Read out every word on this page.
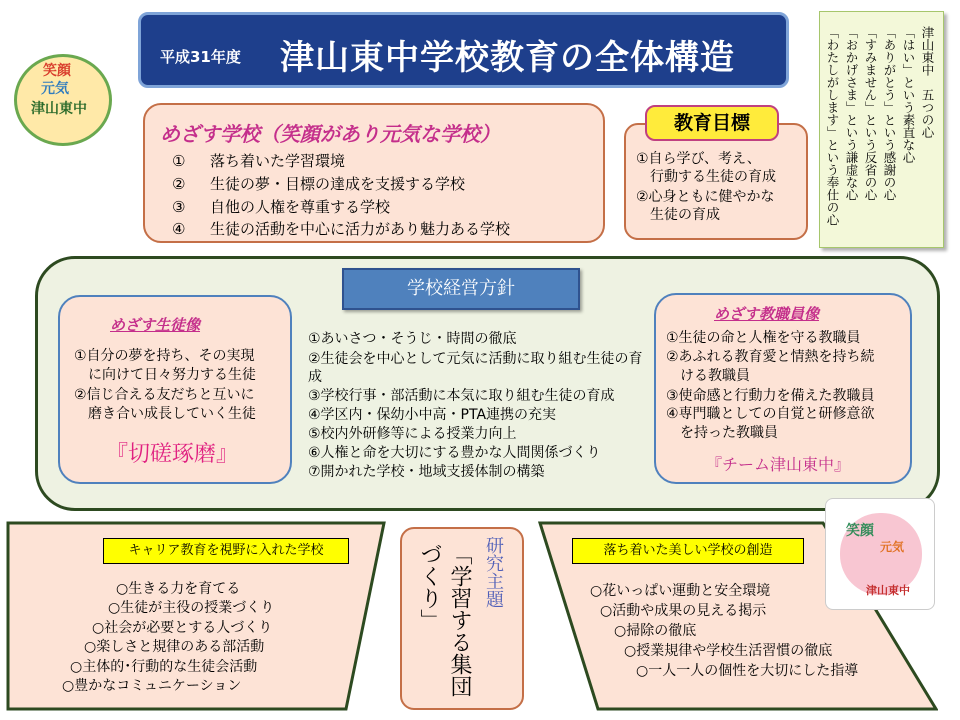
平成31年度 津山東中学校教育の全体構造
笑顔
元気
津山東中	津山東中　五つの心
「はい」という素直な心
「ありがとう」という感謝の心
「すみません」という反省の心
「おかげさま」という謙虚な心
「わたしがします」という奉仕の心
めざす学校（笑顔があり元気な学校）
① 落ち着いた学習環境
② 生徒の夢・目標の達成を支援する学校
③ 自他の人権を尊重する学校
④ 生徒の活動を中心に活力があり魅力ある学校
教育目標
①自ら学び、考え、
　行動する生徒の育成
②心身ともに健やかな
　生徒の育成
学校経営方針
①あいさつ・そうじ・時間の徹底
②生徒会を中心として元気に活動に取り組む生徒の育成
③学校行事・部活動に本気に取り組む生徒の育成
④学区内・保幼小中高・PTA連携の充実
⑤校内外研修等による授業力向上
⑥人権と命を大切にする豊かな人間関係づくり
⑦開かれた学校・地域支援体制の構築
めざす生徒像
①自分の夢を持ち、その実現
　に向けて日々努力する生徒
②信じ合える友だちと互いに
　磨き合い成長していく生徒
『切磋琢磨』
めざす教職員像
①生徒の命と人権を守る教職員
②あふれる教育愛と情熱を持ち続
　ける教職員
③使命感と行動力を備えた教職員
④専門職としての自覚と研修意欲
　を持った教職員
『チーム津山東中』
キャリア教育を視野に入れた学校
○生きる力を育てる
○生徒が主役の授業づくり
○社会が必要とする人づくり
○楽しさと規律のある部活動
○主体的･行動的な生徒会活動
○豊かなコミュニケーション
研究主題
「学習する集団づくり」	落ち着いた美しい学校の創造
○花いっぱい運動と安全環境
○活動や成果の見える掲示
○掃除の徹底
○授業規律や学校生活習慣の徹底
○一人一人の個性を大切にした指導
笑顔
元気
津山東中
